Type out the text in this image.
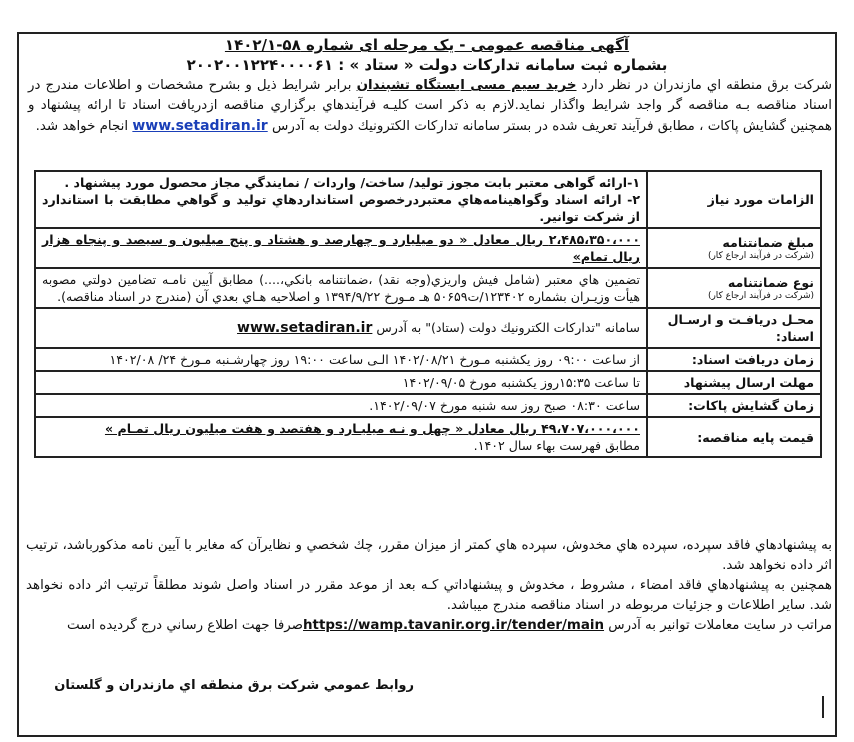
آگهی مناقصه عمومی - یک مرحله ای شماره ۵۸-۱۴۰۲/۱
بشماره ثبت سامانه تدارکات دولت « ستاد » : ۲۰۰۲۰۰۱۲۲۴۰۰۰۰۶۱
شرکت برق منطقه اي مازندران در نظر دارد خرید سیم مسی ایستگاه تشبندان برابر شرايط ذيل و بشرح مشخصات و اطلاعات مندرج در اسناد مناقصه بـه مناقصه گر واجد شرايط واگذار نمايد.لازم به ذكر است كليـه فرآيندهاي برگزاري مناقصه ازدريافت اسناد تا ارائه پيشنهاد و همچنين گشايش پاكات ، مطابق فرآيند تعريف شده در بستر سامانه تداركات الكترونيك دولت به آدرس www.setadiran.ir انجام خواهد شد.
الزامات مورد نیاز	۱-ارائه گواهی معتبر بابت مجوز تولید/ ساخت/ واردات / نمایندگي مجاز محصول مورد پیشنهاد .
۲- ارائه اسناد وگواهینامه‌هاي معتبردرخصوص استانداردهاي تولید و گواهي مطابقت با استاندارد از شرکت توانیر.

مبلغ ضمانتنامه
(شرکت در فرآیند ارجاع کار)	۲،۴۸۵،۳۵۰،۰۰۰ ریال معادل « دو میلیارد و چهارصد و هشتاد و پنج میلیون و سیصد و پنجاه هزار ریال تمام»
نوع ضمانتنامه
(شرکت در فرآیند ارجاع کار)	تضمين هاي معتبر (شامل فيش واريزي(وجه نقد) ،ضمانتنامه بانكي،....) مطابق آيين نامـه تضامين دولتي مصوبه هيأت وزيـران بشماره ۱۲۳۴۰۲/ت۵۰۶۵۹ هـ مـورخ ۱۳۹۴/۹/۲۲ و اصلاحيه هـاي بعدي آن (مندرج در اسناد مناقصه).
محـل دريافـت و ارسـال اسناد:	سامانه "تدارکات الکترونيك دولت (ستاد)" به آدرس www.setadiran.ir
زمان دريافت اسناد:	از ساعت ۰۹:۰۰ روز يکشنبه مـورخ ۱۴۰۲/۰۸/۲۱ الـی ساعت ۱۹:۰۰ روز چهارشـنبه مـورخ ۲۴/ ۱۴۰۲/۰۸
مهلت ارسال پیشنهاد	تا ساعت ۱۵:۳۵روز يکشنبه مورخ ۱۴۰۲/۰۹/۰۵
زمان گشايش پاكات:	ساعت ۰۸:۳۰ صبح روز سه شنبه مورخ ۱۴۰۲/۰۹/۰۷.
قیمت پایه مناقصه:	۴۹،۷۰۷،۰۰۰،۰۰۰ ریال معادل « چهل و نـه میلیـارد و هفتصد و هفت میلیون ریال تمـام »
مطابق فهرست بهاء سال ۱۴۰۲.

به پيشنهادهاي فاقد سپرده، سپرده هاي مخدوش، سپرده هاي كمتر از ميزان مقرر، چك شخصي و نظايرآن كه مغاير با آيين نامه مذكورباشد، ترتيب اثر داده نخواهد شد.

همچنين به پيشنهادهاي فاقد امضاء ، مشروط ، مخدوش و پيشنهاداتي كـه بعد از موعد مقرر در اسناد واصل شوند مطلقاً ترتيب اثر داده نخواهد شد. ساير اطلاعات و جزئيات مربوطه در اسناد مناقصه مندرج ميباشد.

مراتب در سايت معاملات توانير به آدرس https://wamp.tavanir.org.ir/tender/mainصرفا جهت اطلاع رساني درج گرديده است

روابط عمومي شركت برق منطقه اي مازندران و گلستان
